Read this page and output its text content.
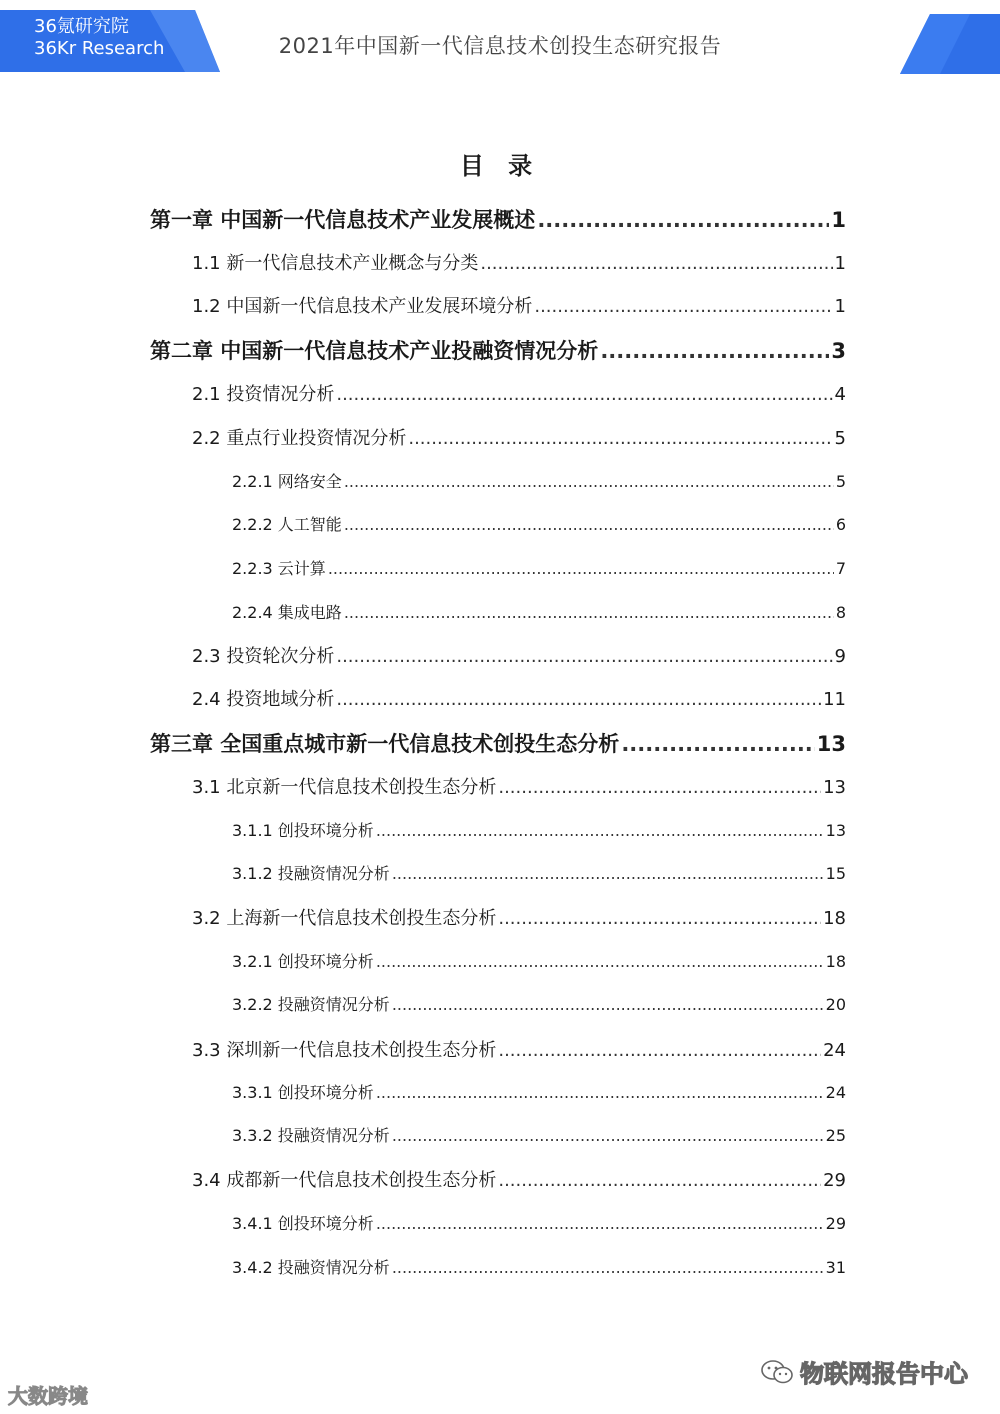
36氪研究院
36Kr Research	2021年中国新一代信息技术创投生态研究报告
目 录
第一章 中国新一代信息技术产业发展概述 .....	1
1.1 新一代信息技术产业概念与分类 .....	1
1.2 中国新一代信息技术产业发展环境分析 .....	1
第二章 中国新一代信息技术产业投融资情况分析 .....	3
2.1 投资情况分析 .....	4
2.2 重点行业投资情况分析 .....	5
2.2.1 网络安全 .....	5
2.2.2 人工智能 .....	6
2.2.3 云计算 .....	7
2.2.4 集成电路 .....	8
2.3 投资轮次分析 .....	9
2.4 投资地域分析 .....	11
第三章 全国重点城市新一代信息技术创投生态分析 .....	13
3.1 北京新一代信息技术创投生态分析 .....	13
3.1.1 创投环境分析 .....	13
3.1.2 投融资情况分析 .....	15
3.2 上海新一代信息技术创投生态分析 .....	18
3.2.1 创投环境分析 .....	18
3.2.2 投融资情况分析 .....	20
3.3 深圳新一代信息技术创投生态分析 .....	24
3.3.1 创投环境分析 .....	24
3.3.2 投融资情况分析 .....	25
3.4 成都新一代信息技术创投生态分析 .....	29
3.4.1 创投环境分析 .....	29
3.4.2 投融资情况分析 .....	31
大数跨境
物联网报告中心
